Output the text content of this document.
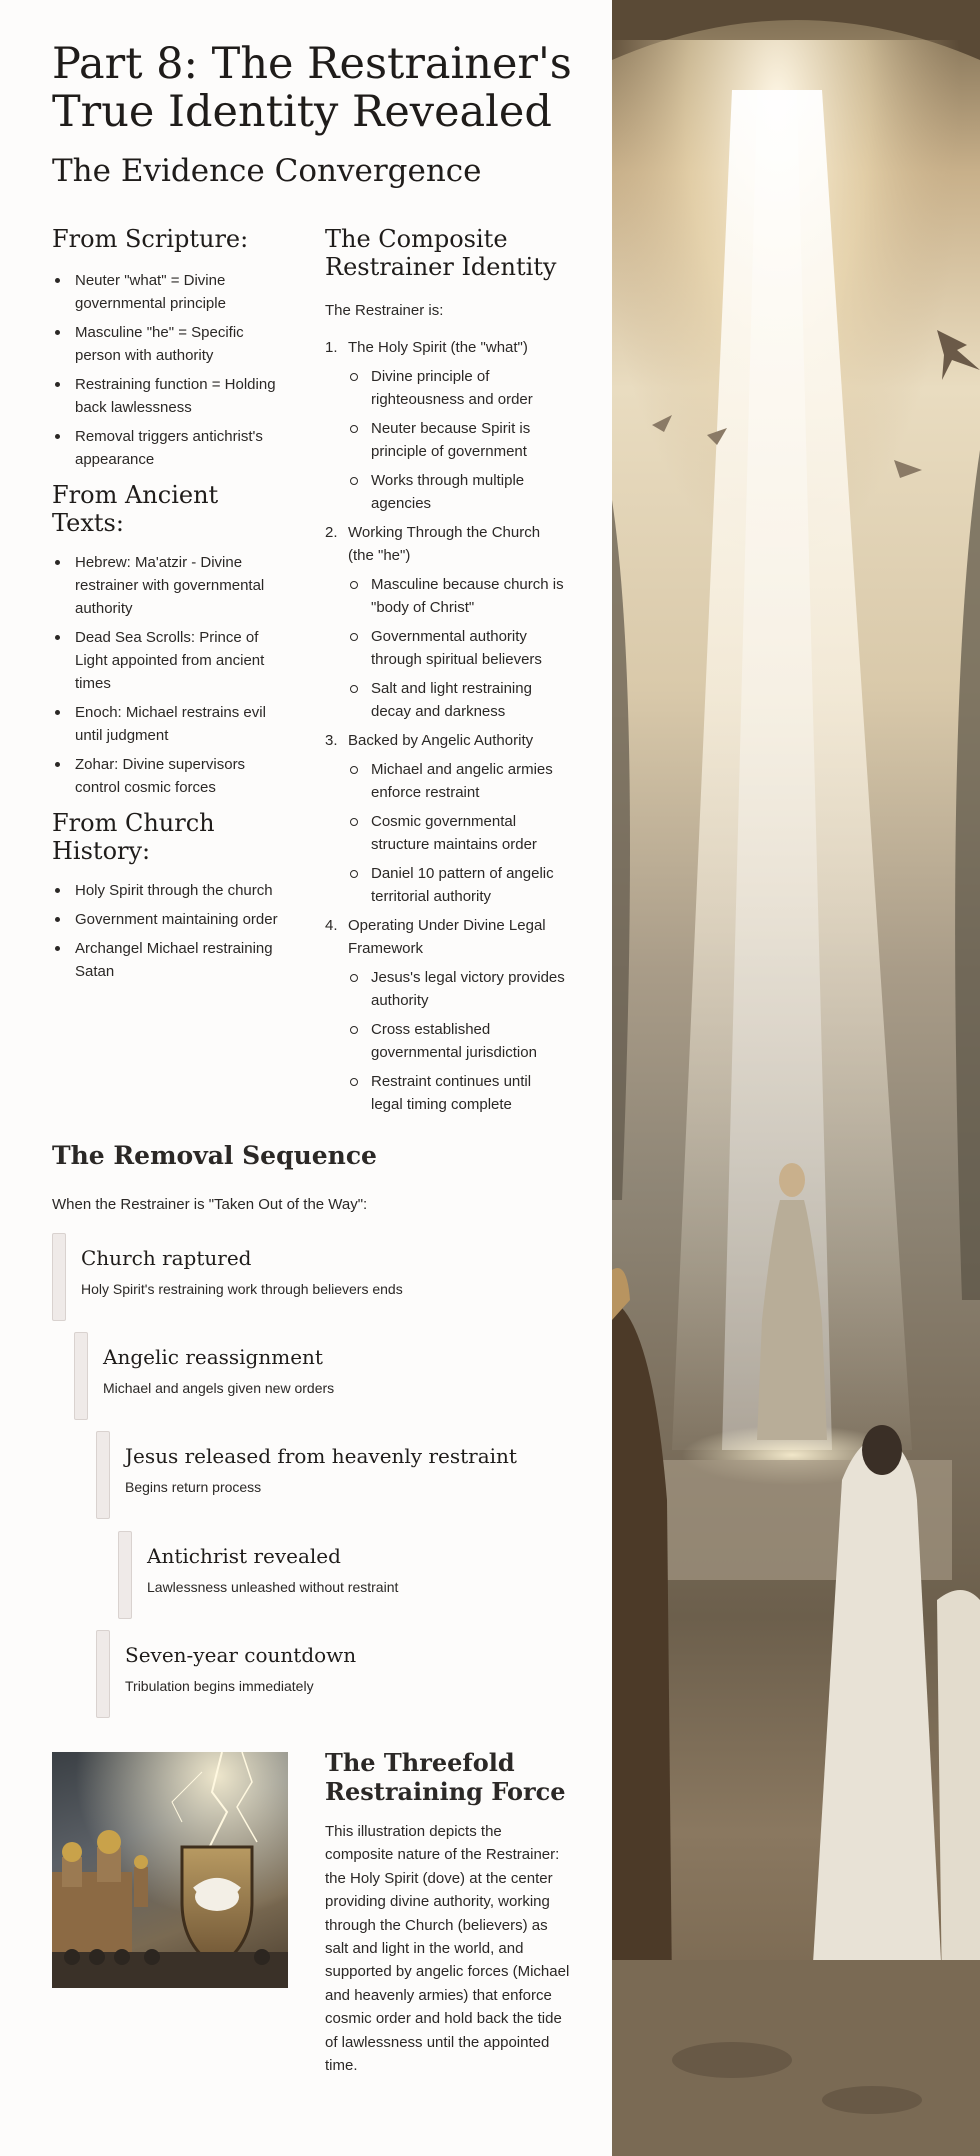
Part 8: The Restrainer's True Identity Revealed
The Evidence Convergence
From Scripture:
Neuter "what" = Divine governmental principle
Masculine "he" = Specific person with authority
Restraining function = Holding back lawlessness
Removal triggers antichrist's appearance
From Ancient Texts:
Hebrew: Ma'atzir - Divine restrainer with governmental authority
Dead Sea Scrolls: Prince of Light appointed from ancient times
Enoch: Michael restrains evil until judgment
Zohar: Divine supervisors control cosmic forces
From Church History:
Holy Spirit through the church
Government maintaining order
Archangel Michael restraining Satan
The Composite Restrainer Identity

The Restrainer is:

1. The Holy Spirit (the "what")
Divine principle of righteousness and order
Neuter because Spirit is principle of government
Works through multiple agencies
2. Working Through the Church (the "he")
Masculine because church is "body of Christ"
Governmental authority through spiritual believers
Salt and light restraining decay and darkness
3. Backed by Angelic Authority
Michael and angelic armies enforce restraint
Cosmic governmental structure maintains order
Daniel 10 pattern of angelic territorial authority
4. Operating Under Divine Legal Framework
Jesus's legal victory provides authority
Cross established governmental jurisdiction
Restraint continues until legal timing complete
The Removal Sequence

When the Restrainer is "Taken Out of the Way":

Church raptured
Holy Spirit's restraining work through believers ends
Angelic reassignment
Michael and angels given new orders
Jesus released from heavenly restraint
Begins return process
Antichrist revealed
Lawlessness unleashed without restraint
Seven-year countdown
Tribulation begins immediately
The Threefold Restraining Force

This illustration depicts the composite nature of the Restrainer: the Holy Spirit (dove) at the center providing divine authority, working through the Church (believers) as salt and light in the world, and supported by angelic forces (Michael and heavenly armies) that enforce cosmic order and hold back the tide of lawlessness until the appointed time.
